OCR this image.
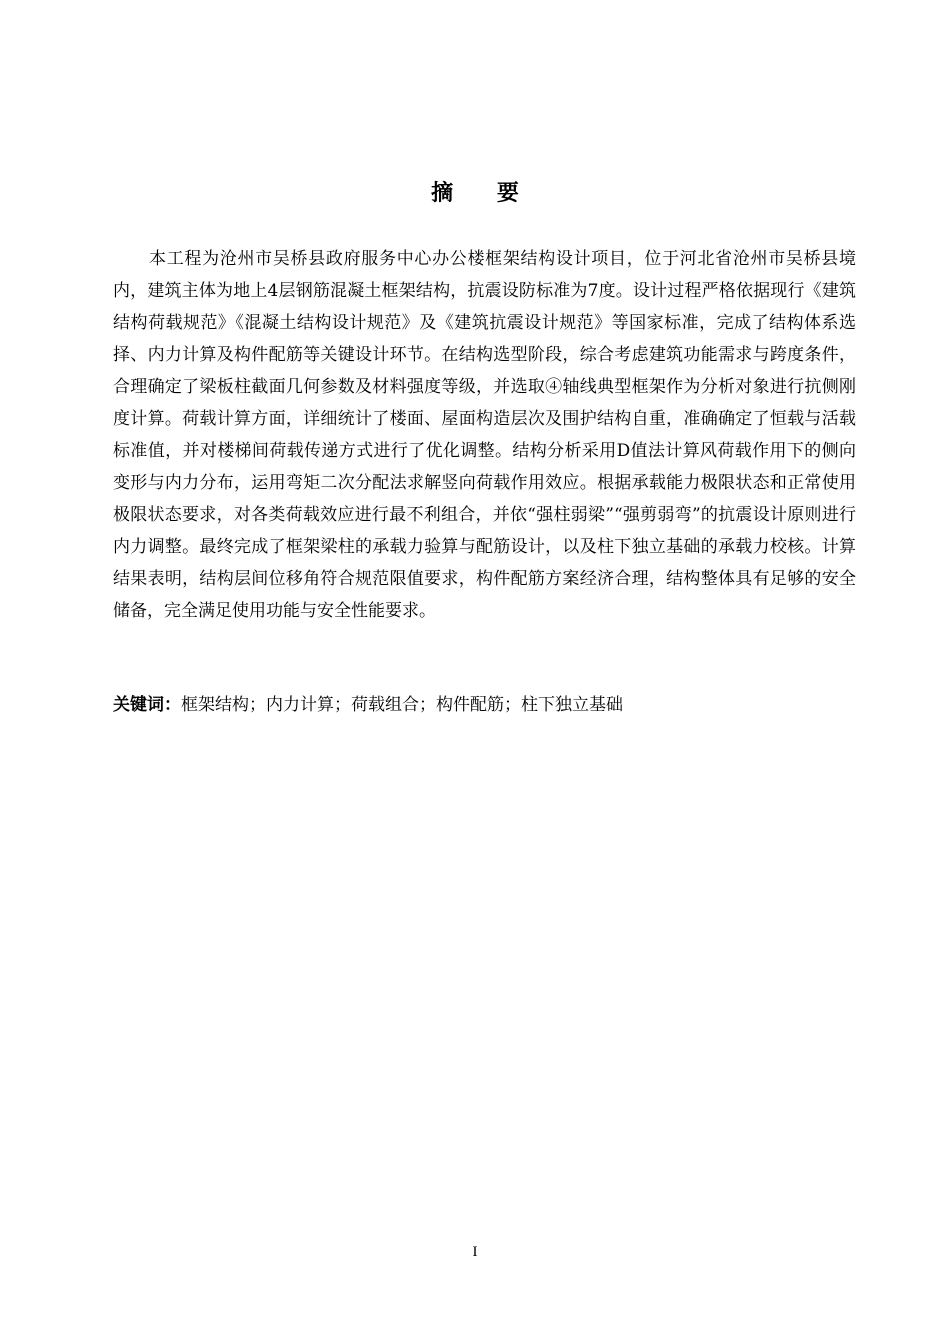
摘 要

本工程为沧州市吴桥县政府服务中心办公楼框架结构设计项目，位于河北省沧州市吴桥县境内，建筑主体为地上4层钢筋混凝土框架结构，抗震设防标准为7度。设计过程严格依据现行《建筑结构荷载规范》《混凝土结构设计规范》及《建筑抗震设计规范》等国家标准，完成了结构体系选择、内力计算及构件配筋等关键设计环节。在结构选型阶段，综合考虑建筑功能需求与跨度条件，合理确定了梁板柱截面几何参数及材料强度等级，并选取④轴线典型框架作为分析对象进行抗侧刚度计算。荷载计算方面，详细统计了楼面、屋面构造层次及围护结构自重，准确确定了恒载与活载标准值，并对楼梯间荷载传递方式进行了优化调整。结构分析采用D值法计算风荷载作用下的侧向变形与内力分布，运用弯矩二次分配法求解竖向荷载作用效应。根据承载能力极限状态和正常使用极限状态要求，对各类荷载效应进行最不利组合，并依“强柱弱梁”“强剪弱弯”的抗震设计原则进行内力调整。最终完成了框架梁柱的承载力验算与配筋设计，以及柱下独立基础的承载力校核。计算结果表明，结构层间位移角符合规范限值要求，构件配筋方案经济合理，结构整体具有足够的安全储备，完全满足使用功能与安全性能要求。

关键词：框架结构；内力计算；荷载组合；构件配筋；柱下独立基础

I
